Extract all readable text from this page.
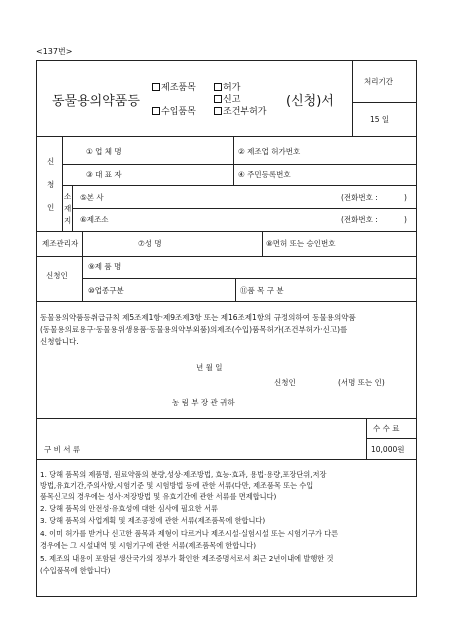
<137번>
동물용의약품등
제조품목
수입품목
허가
신고
조건부허가
(신청)서
처리기간
15 일
신
청
인
① 업 체 명	② 제조업 허가번호
③ 대 표 자	④ 주민등록번호
소
재
지
⑤본 사	(전화번호 :	)
⑥제조소	(전화번호 :	)
제조관리자	⑦성 명	⑧면허 또는 승인번호
신청인
⑨제 품 명
⑩업종구분	⑪품 목 구 분
동물용의약품등취급규칙 제5조제1항·제9조제3항 또는 제16조제1항의 규정의하여 동물용의약품
(동물용의료용구·동물용위생용품·동물용의약부외품)의제조(수입)품목허가(조건부허가·신고)를
신청합니다.
년 월 일
신청인	(서명 또는 인)
농 림 부 장 관 귀하
수 수 료
10,000원
구 비 서 류
1. 당해 품목의 제품명, 원료약품의 분량,성상·제조방법, 효능·효과, 용법·용량,포장단위,저장
방법,유효기간,주의사항,시험기준 및 시험방법 등에 관한 서류(다만, 제조품목 또는 수입
품목신고의 경우에는 성사·저장방법 및 유효기간에 관한 서류를 면제합니다)
2. 당해 품목의 안전성·유효성에 대한 심사에 필요한 서류
3. 당해 품목의 사업계획 및 제조공정에 관한 서류(제조품목에 한합니다)
4. 이미 허가를 받거나 신고한 품목과 제형이 다르거나 제조시설·실험시설 또는 시험기구가 다른
경우에는 그 시설내역 및 시험기구에 관한 서류(제조품목에 한합니다)
5. 제조의 내용이 포함된 생산국가의 정부가 확인한 제조증명서로서 최근 2년이내에 발행한 것
(수입품목에 한합니다)
